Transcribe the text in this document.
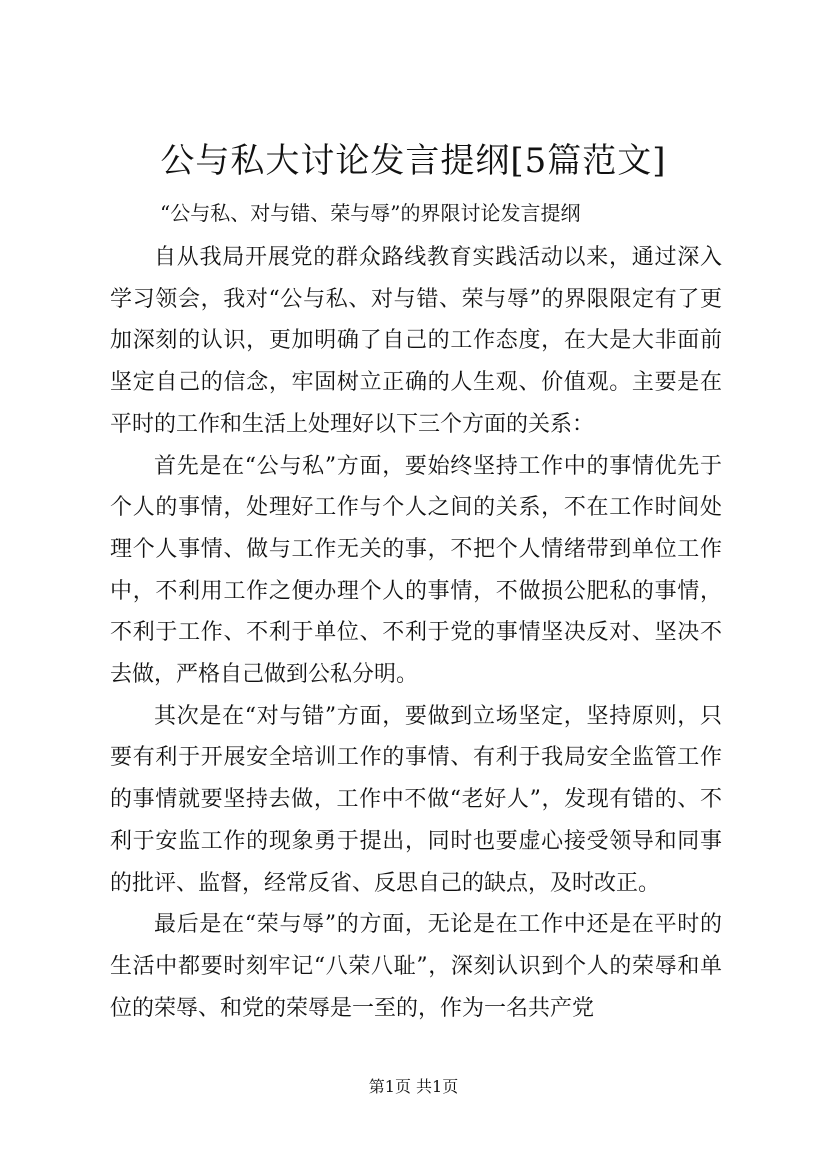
公与私大讨论发言提纲[5篇范文]
“公与私、对与错、荣与辱”的界限讨论发言提纲

自从我局开展党的群众路线教育实践活动以来，通过深入学习领会，我对“公与私、对与错、荣与辱”的界限限定有了更加深刻的认识，更加明确了自己的工作态度，在大是大非面前坚定自己的信念，牢固树立正确的人生观、价值观。主要是在平时的工作和生活上处理好以下三个方面的关系：

首先是在“公与私”方面，要始终坚持工作中的事情优先于个人的事情，处理好工作与个人之间的关系，不在工作时间处理个人事情、做与工作无关的事，不把个人情绪带到单位工作中，不利用工作之便办理个人的事情，不做损公肥私的事情，不利于工作、不利于单位、不利于党的事情坚决反对、坚决不去做，严格自己做到公私分明。

其次是在“对与错”方面，要做到立场坚定，坚持原则，只要有利于开展安全培训工作的事情、有利于我局安全监管工作的事情就要坚持去做，工作中不做“老好人”，发现有错的、不利于安监工作的现象勇于提出，同时也要虚心接受领导和同事的批评、监督，经常反省、反思自己的缺点，及时改正。

最后是在“荣与辱”的方面，无论是在工作中还是在平时的生活中都要时刻牢记“八荣八耻”，深刻认识到个人的荣辱和单位的荣辱、和党的荣辱是一至的，作为一名共产党

第1页 共1页
